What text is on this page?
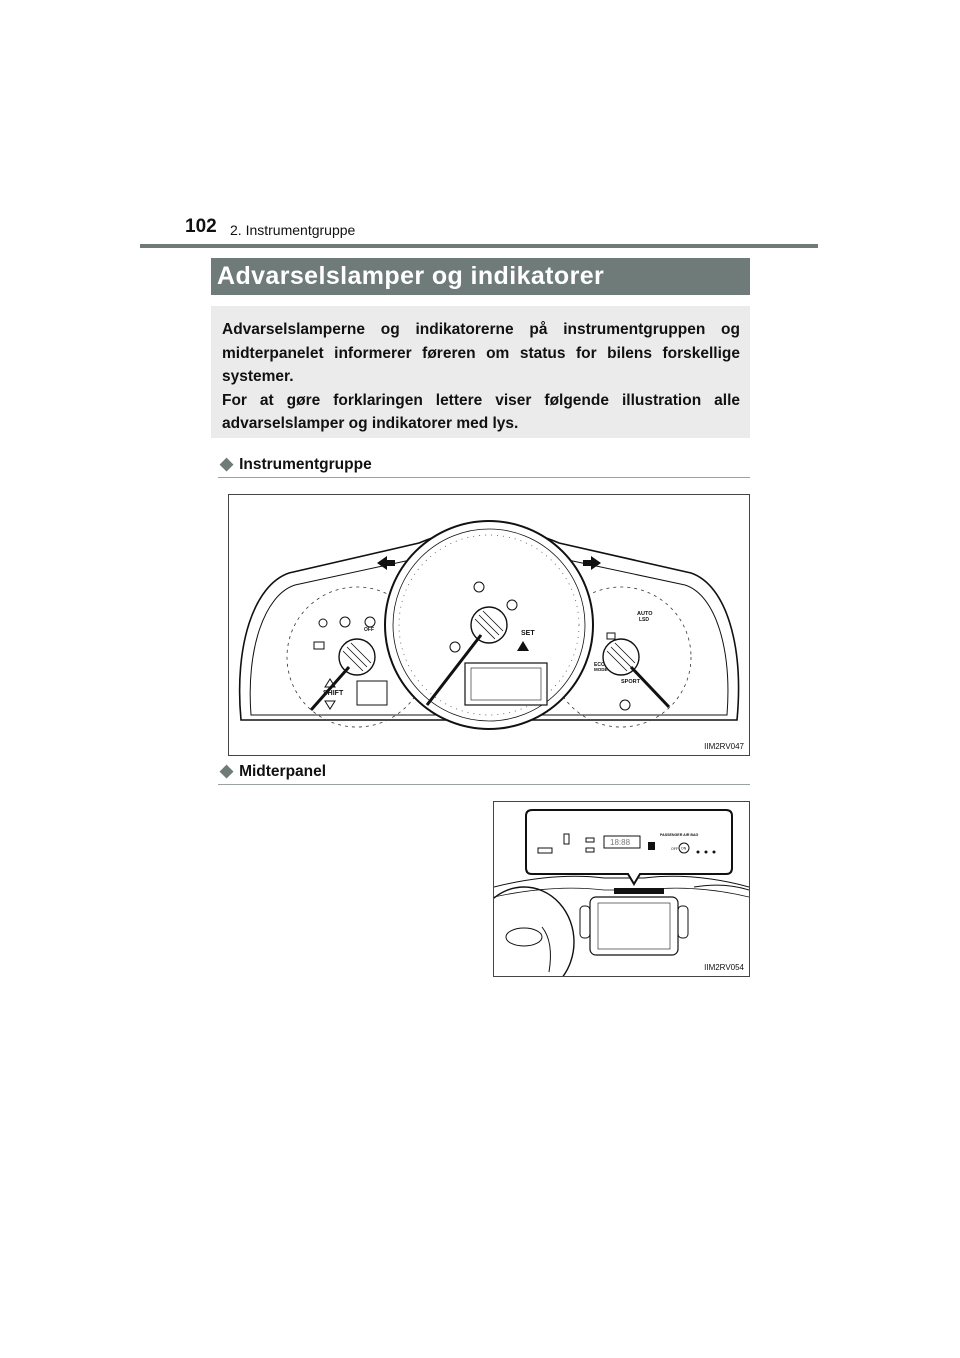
102 2. Instrumentgruppe
Advarselslamper og indikatorer

Advarselslamperne og indikatorerne på instrumentgruppen og midterpanelet informerer føreren om status for bilens forskellige systemer.

For at gøre forklaringen lettere viser følgende illustration alle advarselslamper og indikatorer med lys.

◆ Instrumentgruppe
SHIFT
SET
SPORT
AUTO
LSD
ECO
MODE
OFF
IIM2RV047
◆ Midterpanel
18:88
PASSENGER AIR BAG
OFF ON
IIM2RV054
